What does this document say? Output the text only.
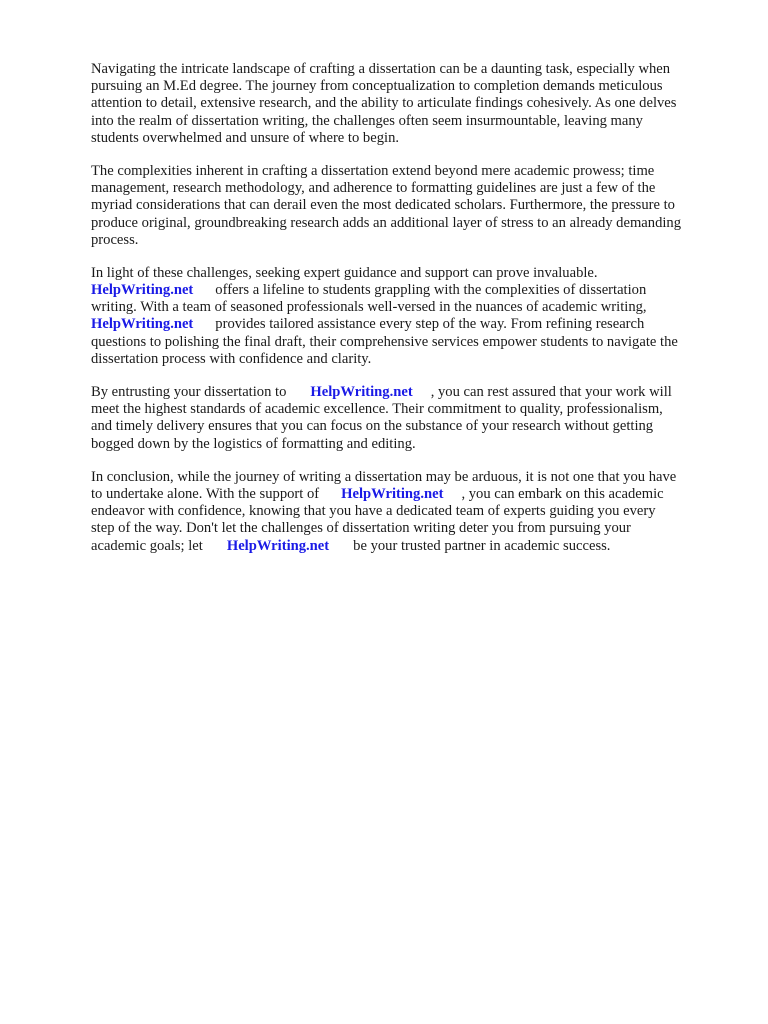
Navigating the intricate landscape of crafting a dissertation can be a daunting task, especially when
pursuing an M.Ed degree. The journey from conceptualization to completion demands meticulous
attention to detail, extensive research, and the ability to articulate findings cohesively. As one delves
into the realm of dissertation writing, the challenges often seem insurmountable, leaving many
students overwhelmed and unsure of where to begin.
The complexities inherent in crafting a dissertation extend beyond mere academic prowess; time
management, research methodology, and adherence to formatting guidelines are just a few of the
myriad considerations that can derail even the most dedicated scholars. Furthermore, the pressure to
produce original, groundbreaking research adds an additional layer of stress to an already demanding
process.
In light of these challenges, seeking expert guidance and support can prove invaluable.
HelpWriting.net offers a lifeline to students grappling with the complexities of dissertation
writing. With a team of seasoned professionals well-versed in the nuances of academic writing,
HelpWriting.net provides tailored assistance every step of the way. From refining research
questions to polishing the final draft, their comprehensive services empower students to navigate the
dissertation process with confidence and clarity.
By entrusting your dissertation to HelpWriting.net , you can rest assured that your work will
meet the highest standards of academic excellence. Their commitment to quality, professionalism,
and timely delivery ensures that you can focus on the substance of your research without getting
bogged down by the logistics of formatting and editing.
In conclusion, while the journey of writing a dissertation may be arduous, it is not one that you have
to undertake alone. With the support of HelpWriting.net , you can embark on this academic
endeavor with confidence, knowing that you have a dedicated team of experts guiding you every
step of the way. Don't let the challenges of dissertation writing deter you from pursuing your
academic goals; let HelpWriting.net be your trusted partner in academic success.
